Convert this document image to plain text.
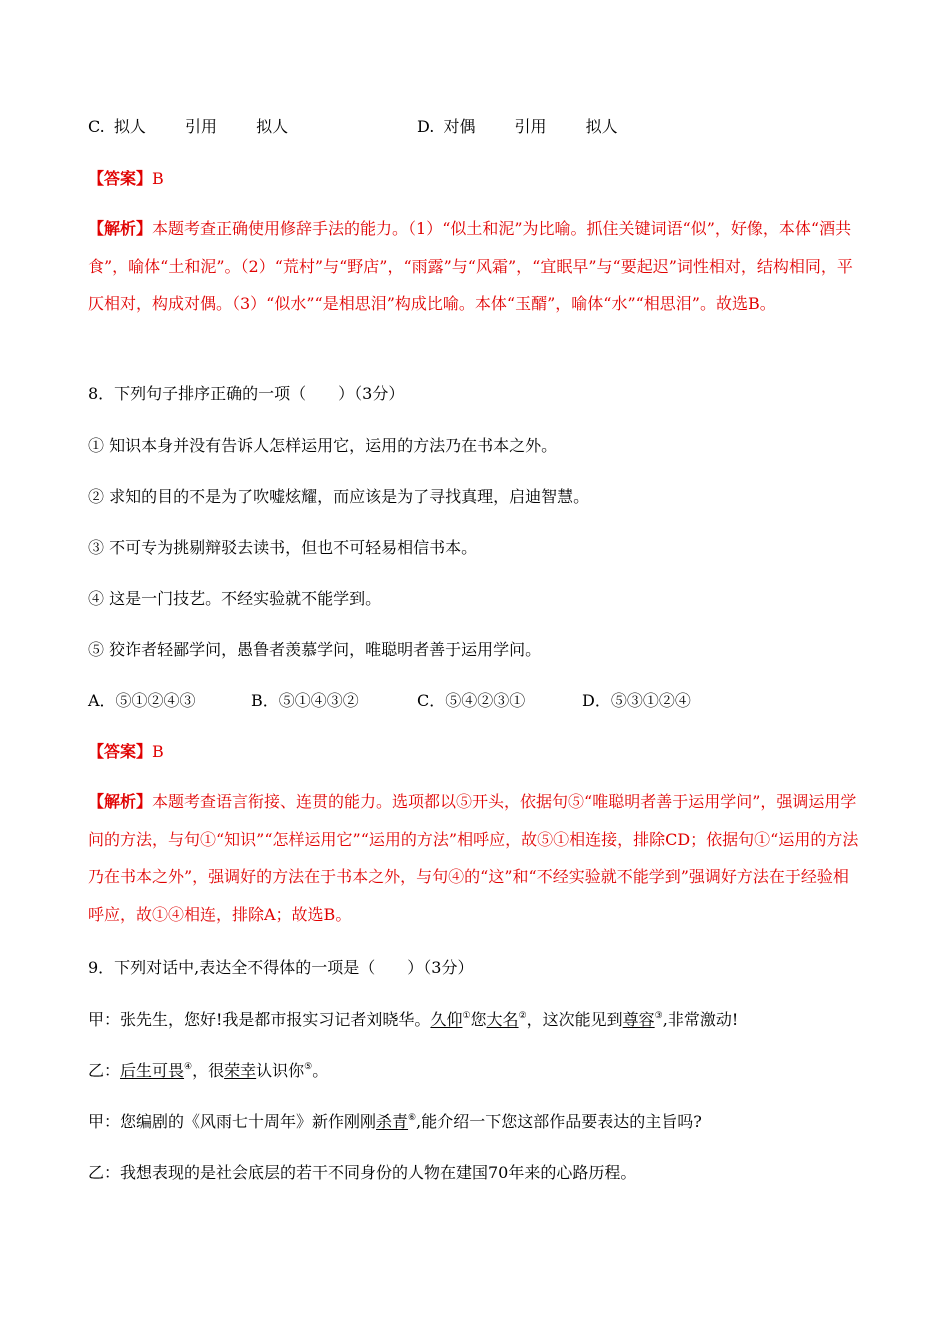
C. 拟人 引用 拟人	D. 对偶 引用 拟人
【答案】B

【解析】本题考查正确使用修辞手法的能力。（1）“似土和泥”为比喻。抓住关键词语“似”，好像，本体“酒共食”，喻体“土和泥”。（2）“荒村”与“野店”，“雨露”与“风霜”，“宜眠早”与“要起迟”词性相对，结构相同，平仄相对，构成对偶。（3）“似水”“是相思泪”构成比喻。本体“玉醑”，喻体“水”“相思泪”。故选B。

8．下列句子排序正确的一项（　　）（3分）
① 知识本身并没有告诉人怎样运用它，运用的方法乃在书本之外。
② 求知的目的不是为了吹嘘炫耀，而应该是为了寻找真理，启迪智慧。
③ 不可专为挑剔辩驳去读书，但也不可轻易相信书本。
④ 这是一门技艺。不经实验就不能学到。
⑤ 狡诈者轻鄙学问，愚鲁者羡慕学问，唯聪明者善于运用学问。
A．⑤①②④③	B．⑤①④③②	C．⑤④②③①	D．⑤③①②④
【答案】B

【解析】本题考查语言衔接、连贯的能力。选项都以⑤开头，依据句⑤“唯聪明者善于运用学问”，强调运用学问的方法，与句①“知识”“怎样运用它”“运用的方法”相呼应，故⑤①相连接，排除CD；依据句①“运用的方法乃在书本之外”，强调好的方法在于书本之外，与句④的“这”和“不经实验就不能学到”强调好方法在于经验相呼应，故①④相连，排除A；故选B。

9．下列对话中,表达全不得体的一项是（　　）（3分）
甲：张先生，您好!我是都市报实习记者刘晓华。久仰①您大名②，这次能见到尊容③,非常激动!
乙：后生可畏④，很荣幸认识你⑤。
甲：您编剧的《风雨七十周年》新作刚刚杀青⑥,能介绍一下您这部作品要表达的主旨吗?
乙：我想表现的是社会底层的若干不同身份的人物在建国70年来的心路历程。
